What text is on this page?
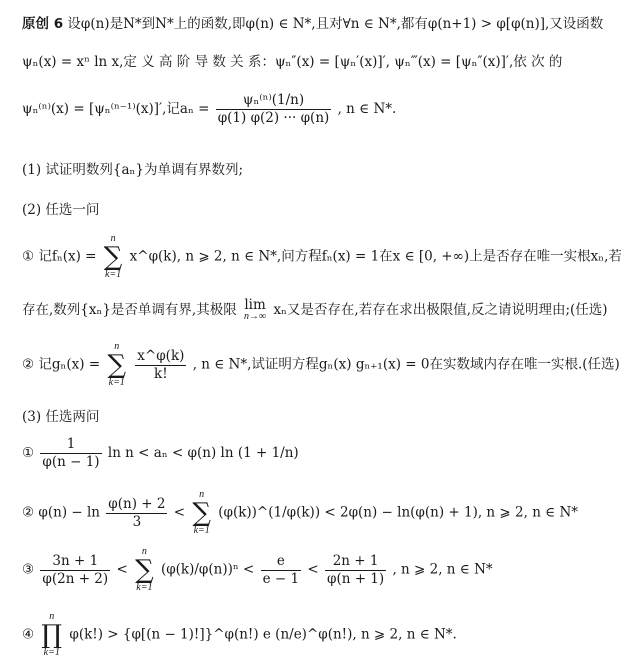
原创 6 设φ(n)是N*到N*上的函数,即φ(n) ∈ N*,且对∀n ∈ N*,都有φ(n+1) > φ[φ(n)],又设函数
ψₙ(x) = xⁿ ln x,定 义 高 阶 导 数 关 系：ψₙ″(x) = [ψₙ′(x)]′, ψₙ‴(x) = [ψₙ″(x)]′,依 次 的
ψₙ⁽ⁿ⁾(x) = [ψₙ⁽ⁿ⁻¹⁾(x)]′,记$a_n = \frac{\text{ψₙ⁽ⁿ⁾(1/n)}}{\varphi(1) \varphi(2) \cdot\cdot\cdot \varphi(n)}$ , n ∈ N*.
(1) 试证明数列{aₙ}为单调有界数列;
(2) 任选一问
① 记fₙ(x) =
n
∑
k=1
x^φ(k), n ⩾ 2, n ∈ N*,问方程fₙ(x) = 1在x ∈ [0, +∞)上是否存在唯一实根xₙ,若
存在,数列{xₙ}是否单调有界,其极限 lim
n→∞ xₙ又是否存在,若存在求出极限值,反之请说明理由;(任选)
② 记gₙ(x) =
n
∑
k=1

$\frac{x\^{}\varphi(k)}{k!}$ , n ∈ N*,试证明方程gₙ(x) gₙ₊₁(x) = 0在实数域内存在唯一实根.(任选)
(3) 任选两问
① $\frac{1}{\varphi(n - 1)}$ ln n < aₙ < φ(n) ln (1 + 1/n)
② $\varphi(n) - \ln \frac{\varphi(n) + 2}{3}$ <
n
∑
k=1
(φ(k))^(1/φ(k)) < 2φ(n) − ln(φ(n) + 1), n ⩾ 2, n ∈ N*
③ $\frac{3n + 1}{\varphi(2n + 2)}$ <
n
∑
k=1
$(\varphi(k)/\varphi(n))^n < \frac{e}{e - 1} < \frac{2n + 1}{\varphi(n + 1)}$ , n ⩾ 2, n ∈ N*
④
n
∏
k=1
φ(k!) > {φ[(n − 1)!]}^φ(n!) e (n/e)^φ(n!), n ⩾ 2, n ∈ N*.
